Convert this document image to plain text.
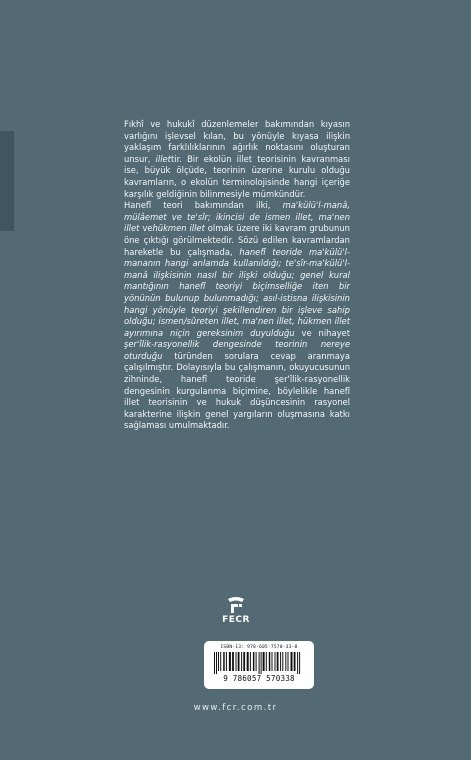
Fıkhî ve hukukî düzenlemeler bakımından kıyasın varlığını işlevsel kılan, bu yönüyle kıyasa ilişkin yaklaşım farklılıklarının ağırlık noktasını oluşturan unsur, illettir. Bir ekolün illet teorisinin kavranması ise, büyük ölçüde, teorinin üzerine kurulu olduğu kavramların, o ekolün terminolojisinde hangi içeriğe karşılık geldiğinin bilinmesiyle mümkündür.

Hanefî teori bakımından ilki, ma'külü'l-manâ, mülâemet ve te'sîr; ikincisi de ismen illet, ma'nen illet vehükmen illet olmak üzere iki kavram grubunun öne çıktığı görülmektedir. Sözü edilen kavramlardan hareketle bu çalışmada, hanefî teoride ma'külü'l-mananın hangi anlamda kullanıldığı; te'sîr-ma'külü'l-manâ ilişkisinin nasıl bir ilişki olduğu; genel kural mantığının hanefî teoriyi biçimselliğe iten bir yönünün bulunup bulunmadığı; asıl-istisna ilişkisinin hangi yönüyle teoriyi şekillendiren bir işleve sahip olduğu; ismen/sûreten illet, ma'nen illet, hükmen illet ayırımına niçin gereksinim duyulduğu ve nihayet şer'îlik-rasyonellik dengesinde teorinin nereye oturduğu türünden sorulara cevap aranmaya çalışılmıştır. Dolayısıyla bu çalışmanın, okuyucusunun zihninde, hanefî teoride şer'îlik-rasyonellik dengesinin kurgulanma biçimine, böylelikle hanefî illet teorisinin ve hukuk düşüncesinin rasyonel karakterine ilişkin genel yargıların oluşmasına katkı sağlaması umulmaktadır.

FECR
ISBN-13: 978-605-7570-33-8
9 786057 570338
www.fcr.com.tr
